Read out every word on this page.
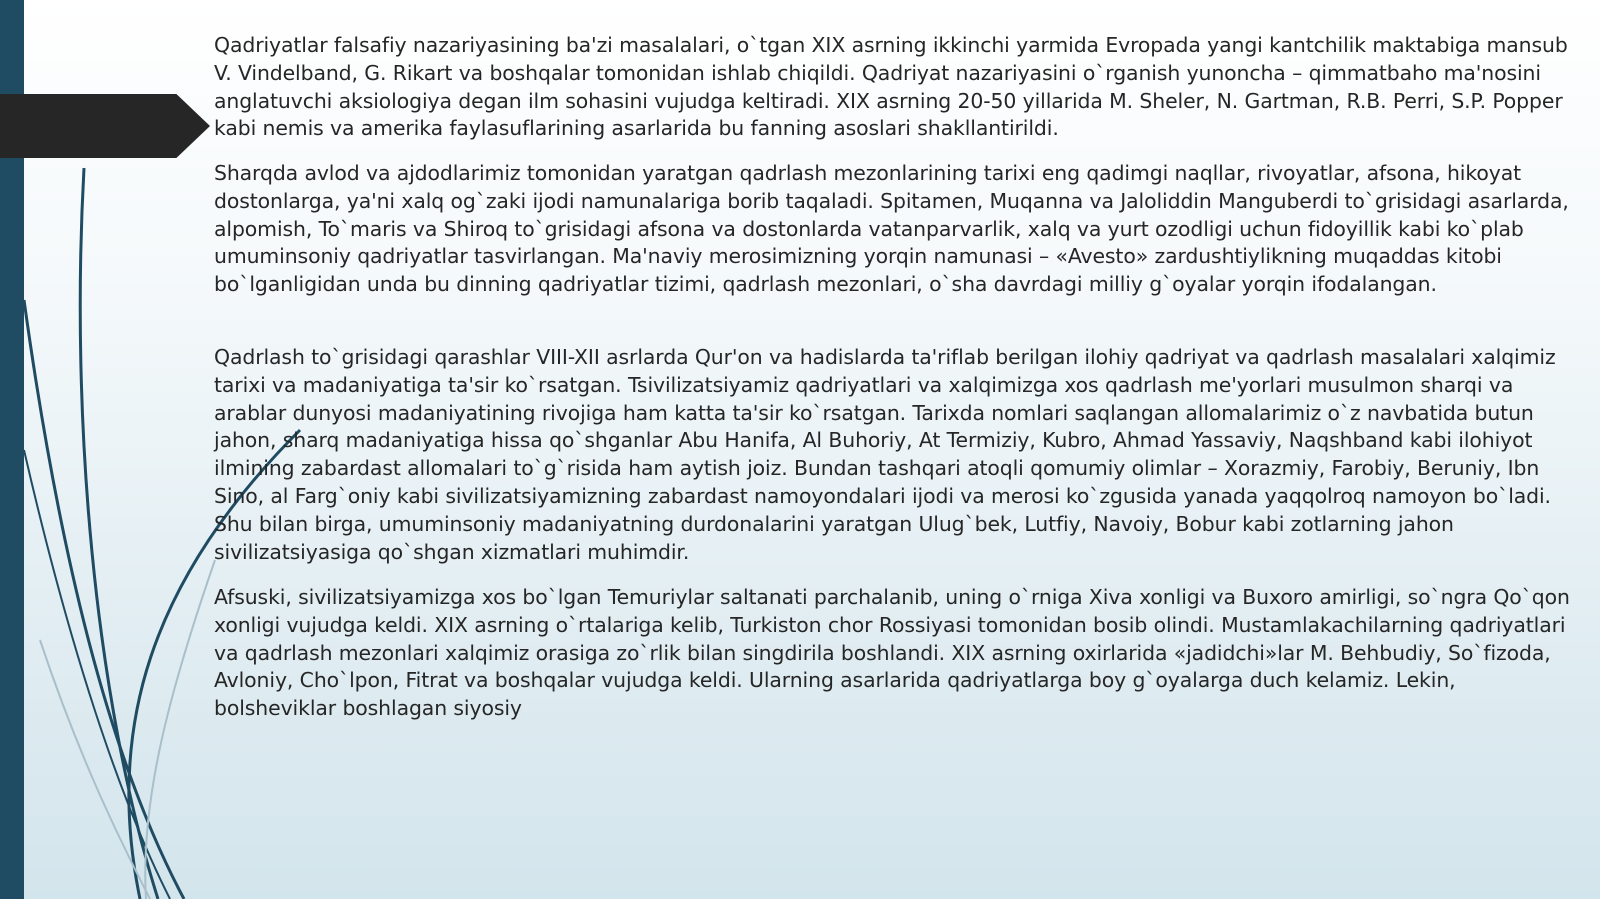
Qadriyatlar falsafiy nazariyasining ba'zi masalalari, o`tgan XIX asrning ikkinchi yarmida Evropada yangi kantchilik maktabiga mansub V. Vindelband, G. Rikart va boshqalar tomonidan ishlab chiqildi. Qadriyat nazariyasini o`rganish yunoncha – qimmatbaho ma'nosini anglatuvchi aksiologiya degan ilm sohasini vujudga keltiradi. XIX asrning 20-50 yillarida M. Sheler, N. Gartman, R.B. Perri, S.P. Popper kabi nemis va amerika faylasuflarining asarlarida bu fanning asoslari shakllantirildi.
Sharqda avlod va ajdodlarimiz tomonidan yaratgan qadrlash mezonlarining tarixi eng qadimgi naqllar, rivoyatlar, afsona, hikoyat dostonlarga, ya'ni xalq og`zaki ijodi namunalariga borib taqaladi. Spitamen, Muqanna va Jaloliddin Manguberdi to`grisidagi asarlarda, alpomish, To`maris va Shiroq to`grisidagi afsona va dostonlarda vatanparvarlik, xalq va yurt ozodligi uchun fidoyillik kabi ko`plab umuminsoniy qadriyatlar tasvirlangan. Ma'naviy merosimizning yorqin namunasi – «Avesto» zardushtiylikning muqaddas kitobi bo`lganligidan unda bu dinning qadriyatlar tizimi, qadrlash mezonlari, o`sha davrdagi milliy g`oyalar yorqin ifodalangan.
Qadrlash to`grisidagi qarashlar VIII-XII asrlarda Qur'on va hadislarda ta'riflab berilgan ilohiy qadriyat va qadrlash masalalari xalqimiz tarixi va madaniyatiga ta'sir ko`rsatgan. Tsivilizatsiyamiz qadriyatlari va xalqimizga xos qadrlash me'yorlari musulmon sharqi va arablar dunyosi madaniyatining rivojiga ham katta ta'sir ko`rsatgan. Tarixda nomlari saqlangan allomalarimiz o`z navbatida butun jahon, sharq madaniyatiga hissa qo`shganlar Abu Hanifa, Al Buhoriy, At Termiziy, Kubro, Ahmad Yassaviy, Naqshband kabi ilohiyot ilmining zabardast allomalari to`g`risida ham aytish joiz. Bundan tashqari atoqli qomumiy olimlar – Xorazmiy, Farobiy, Beruniy, Ibn Sino, al Farg`oniy kabi sivilizatsiyamizning zabardast namoyondalari ijodi va merosi ko`zgusida yanada yaqqolroq namoyon bo`ladi. Shu bilan birga, umuminsoniy madaniyatning durdonalarini yaratgan Ulug`bek, Lutfiy, Navoiy, Bobur kabi zotlarning jahon sivilizatsiyasiga qo`shgan xizmatlari muhimdir.
Afsuski, sivilizatsiyamizga xos bo`lgan Temuriylar saltanati parchalanib, uning o`rniga Xiva xonligi va Buxoro amirligi, so`ngra Qo`qon xonligi vujudga keldi. XIX asrning o`rtalariga kelib, Turkiston chor Rossiyasi tomonidan bosib olindi. Mustamlakachilarning qadriyatlari va qadrlash mezonlari xalqimiz orasiga zo`rlik bilan singdirila boshlandi. XIX asrning oxirlarida «jadidchi»lar M. Behbudiy, So`fizoda, Avloniy, Cho`lpon, Fitrat va boshqalar vujudga keldi. Ularning asarlarida qadriyatlarga boy g`oyalarga duch kelamiz. Lekin, bolsheviklar boshlagan siyosiy
